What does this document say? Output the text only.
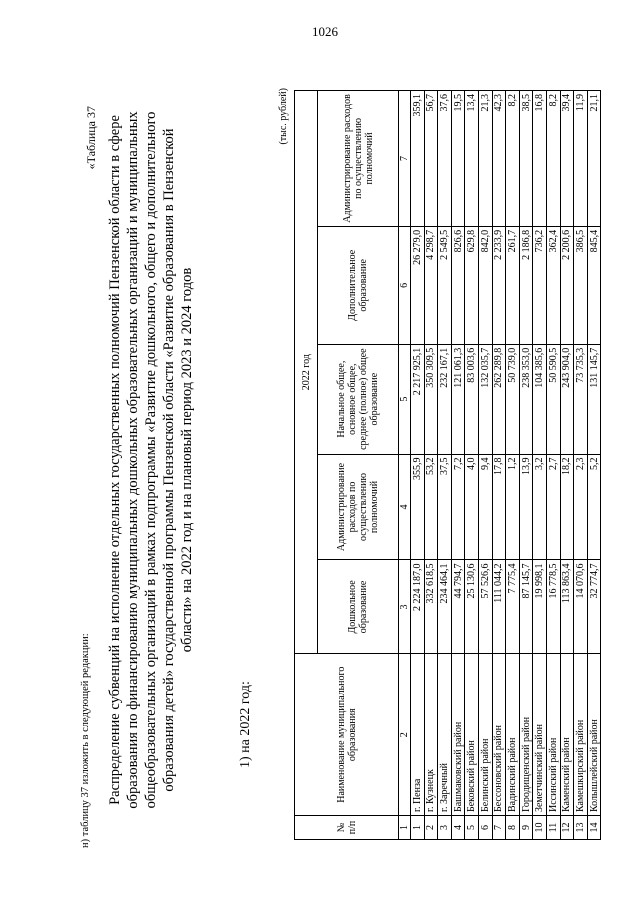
1026
н) таблицу 37 изложить в следующей редакции:
«Таблица 37 Распределение субвенций на исполнение отдельных государственных полномочий Пензенской области в сфере образования по финансированию муниципальных дошкольных образовательных организаций и муниципальных общеобразовательных организаций в рамках подпрограммы «Развитие дошкольного, общего и дополнительного образования детей» государственной программы Пензенской области «Развитие образования в Пензенской области» на 2022 год и на плановый период 2023 и 2024 годов
1) на 2022 год:
(тыс. рублей)
№ п/п	Наименование муниципального образования	2022 год				
		Дошкольное образование	Администрирование расходов по осуществлению полномочий	Начальное общее, основное общее, среднее (полное) общее образование	Дополнительное образование	Администрирование расходов по осуществлению полномочий
1	2	3	4	5	6	7
1	г. Пенза	2 224 187,0	355,9	2 217 925,1	26 279,0	359,1
2	г. Кузнецк	332 618,5	53,2	350 309,5	4 298,7	56,7
3	г. Заречный	234 464,1	37,5	232 167,1	2 549,5	37,6
4	Башмаковский район	44 794,7	7,2	121 061,3	826,6	19,5
5	Бековский район	25 130,6	4,0	83 003,6	629,8	13,4
6	Белинский район	57 526,6	9,4	132 035,7	842,0	21,3
7	Бессоновский район	111 044,2	17,8	262 289,8	2 233,9	42,3
8	Вадинский район	7 775,4	1,2	50 739,0	261,7	8,2
9	Городищенский район	87 145,7	13,9	238 353,0	2 186,8	38,5
10	Земетчинский район	19 998,1	3,2	104 385,6	736,2	16,8
11	Иссинский район	16 778,5	2,7	50 590,5	362,4	8,2
12	Каменский район	113 863,4	18,2	243 904,0	2 200,6	39,4
13	Камешкирский район	14 070,6	2,3	73 735,3	386,5	11,9
14	Колышлейский район	32 774,7	5,2	131 145,7	845,4	21,1
